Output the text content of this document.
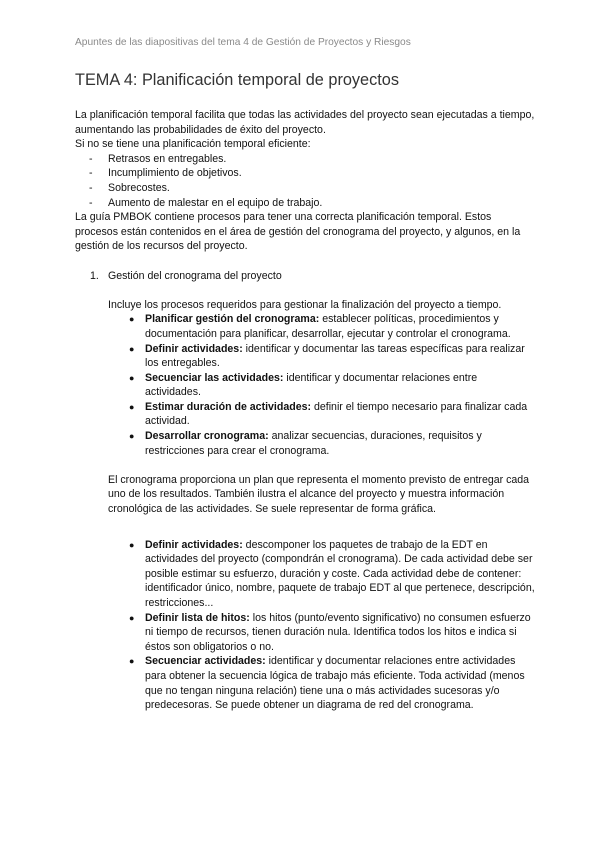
Apuntes de las diapositivas del tema 4 de Gestión de Proyectos y Riesgos
TEMA 4: Planificación temporal de proyectos

La planificación temporal facilita que todas las actividades del proyecto sean ejecutadas a tiempo, aumentando las probabilidades de éxito del proyecto.

Si no se tiene una planificación temporal eficiente:

- Retrasos en entregables.
- Incumplimiento de objetivos.
- Sobrecostes.
- Aumento de malestar en el equipo de trabajo.

La guía PMBOK contiene procesos para tener una correcta planificación temporal. Estos procesos están contenidos en el área de gestión del cronograma del proyecto, y algunos, en la gestión de los recursos del proyecto.

1. Gestión del cronograma del proyecto

Incluye los procesos requeridos para gestionar la finalización del proyecto a tiempo.

● Planificar gestión del cronograma: establecer políticas, procedimientos y documentación para planificar, desarrollar, ejecutar y controlar el cronograma.
● Definir actividades: identificar y documentar las tareas específicas para realizar los entregables.
● Secuenciar las actividades: identificar y documentar relaciones entre actividades.
● Estimar duración de actividades: definir el tiempo necesario para finalizar cada actividad.
● Desarrollar cronograma: analizar secuencias, duraciones, requisitos y restricciones para crear el cronograma.

El cronograma proporciona un plan que representa el momento previsto de entregar cada uno de los resultados. También ilustra el alcance del proyecto y muestra información cronológica de las actividades. Se suele representar de forma gráfica.

● Definir actividades: descomponer los paquetes de trabajo de la EDT en actividades del proyecto (compondrán el cronograma). De cada actividad debe ser posible estimar su esfuerzo, duración y coste. Cada actividad debe de contener: identificador único, nombre, paquete de trabajo EDT al que pertenece, descripción, restricciones...
● Definir lista de hitos: los hitos (punto/evento significativo) no consumen esfuerzo ni tiempo de recursos, tienen duración nula. Identifica todos los hitos e indica si éstos son obligatorios o no.
● Secuenciar actividades: identificar y documentar relaciones entre actividades para obtener la secuencia lógica de trabajo más eficiente. Toda actividad (menos que no tengan ninguna relación) tiene una o más actividades sucesoras y/o predecesoras. Se puede obtener un diagrama de red del cronograma.
